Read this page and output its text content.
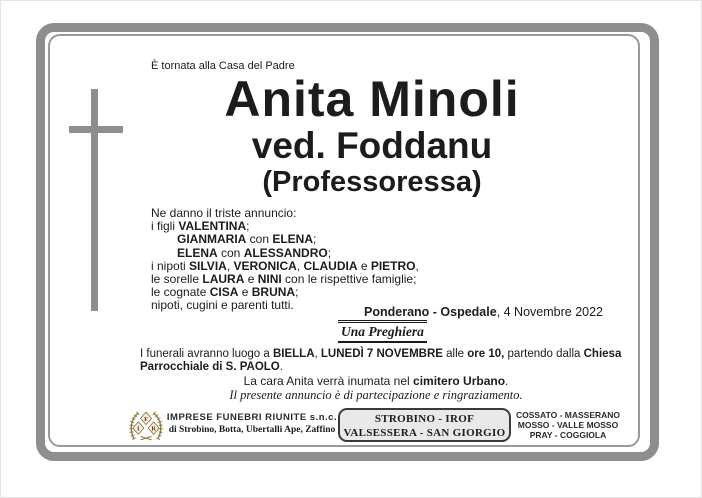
È tornata alla Casa del Padre
Anita Minoli
ved. Foddanu
(Professoressa)
Ne danno il triste annuncio:
i figli VALENTINA;
GIANMARIA con ELENA;
ELENA con ALESSANDRO;
i nipoti SILVIA, VERONICA, CLAUDIA e PIETRO,
le sorelle LAURA e NINI con le rispettive famiglie;
le cognate CISA e BRUNA;
nipoti, cugini e parenti tutti.	Ponderano - Ospedale, 4 Novembre 2022
Una Preghiera
I funerali avranno luogo a BIELLA, LUNEDÌ 7 NOVEMBRE alle ore 10, partendo dalla Chiesa
Parrocchiale di S. PAOLO.
La cara Anita verrà inumata nel cimitero Urbano.
Il presente annuncio è di partecipazione e ringraziamento.
F
I R
IMPRESE FUNEBRI RIUNITE s.n.c.
di Strobino, Botta, Ubertalli Ape, Zaffino
STROBINO - IROF
VALSESSERA - SAN GIORGIO
COSSATO - MASSERANO
MOSSO - VALLE MOSSO
PRAY - COGGIOLA
